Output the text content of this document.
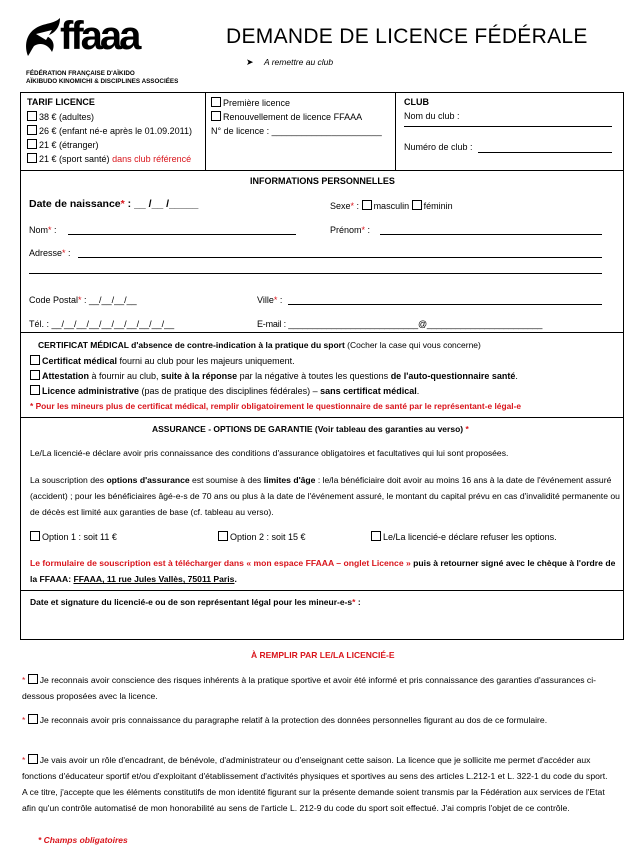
ffaaa
FÉDÉRATION FRANÇAISE D'AÏKIDO
AÏKIBUDO KINOMICHI & DISCIPLINES ASSOCIÉES
DEMANDE DE LICENCE FÉDÉRALE
➤ A remettre au club
TARIF LICENCE
38 € (adultes)
26 € (enfant né-e après le 01.09.2011)
21 € (étranger)
21 € (sport santé) dans club référencé
Première licence
Renouvellement de licence FFAAA
N° de licence : ______________________
CLUB
Nom du club :
Numéro de club :
INFORMATIONS PERSONNELLES
Date de naissance* : __ /__ /_____	Sexe* : masculin féminin
Nom* :	Prénom* :
Adresse* :
Code Postal* : __/__/__/__	Ville* :
Tél. : __/__/__/__/__/__/__/__/__/__	E-mail : ___________________________@________________________
CERTIFICAT MÉDICAL d'absence de contre-indication à la pratique du sport (Cocher la case qui vous concerne)
Certificat médical fourni au club pour les majeurs uniquement.
Attestation à fournir au club, suite à la réponse par la négative à toutes les questions de l'auto-questionnaire santé.
Licence administrative (pas de pratique des disciplines fédérales) – sans certificat médical.
* Pour les mineurs plus de certificat médical, remplir obligatoirement le questionnaire de santé par le représentant-e légal-e
ASSURANCE - OPTIONS DE GARANTIE (Voir tableau des garanties au verso) *
Le/La licencié-e déclare avoir pris connaissance des conditions d'assurance obligatoires et facultatives qui lui sont proposées.
La souscription des options d'assurance est soumise à des limites d'âge : le/la bénéficiaire doit avoir au moins 16 ans à la date de l'événement assuré (accident) ; pour les bénéficiaires âgé-e-s de 70 ans ou plus à la date de l'événement assuré, le montant du capital prévu en cas d'invalidité permanente ou de décès est limité aux garanties de base (cf. tableau au verso).
Option 1 : soit 11 €	Option 2 : soit 15 €	Le/La licencié-e déclare refuser les options.
Le formulaire de souscription est à télécharger dans « mon espace FFAAA – onglet Licence » puis à retourner signé avec le chèque à l'ordre de la FFAAA: FFAAA, 11 rue Jules Vallès, 75011 Paris.
Date et signature du licencié-e ou de son représentant légal pour les mineur-e-s* :
À REMPLIR PAR LE/LA LICENCIÉ-E
* Je reconnais avoir conscience des risques inhérents à la pratique sportive et avoir été informé et pris connaissance des garanties d'assurances ci-dessous proposées avec la licence.
* Je reconnais avoir pris connaissance du paragraphe relatif à la protection des données personnelles figurant au dos de ce formulaire.
* Je vais avoir un rôle d'encadrant, de bénévole, d'administrateur ou d'enseignant cette saison. La licence que je sollicite me permet d'accéder aux fonctions d'éducateur sportif et/ou d'exploitant d'établissement d'activités physiques et sportives au sens des articles L.212-1 et L. 322-1 du code du sport. A ce titre, j'accepte que les éléments constitutifs de mon identité figurant sur la présente demande soient transmis par la Fédération aux services de l'Etat afin qu'un contrôle automatisé de mon honorabilité au sens de l'article L. 212-9 du code du sport soit effectué. J'ai compris l'objet de ce contrôle.
* Champs obligatoires
